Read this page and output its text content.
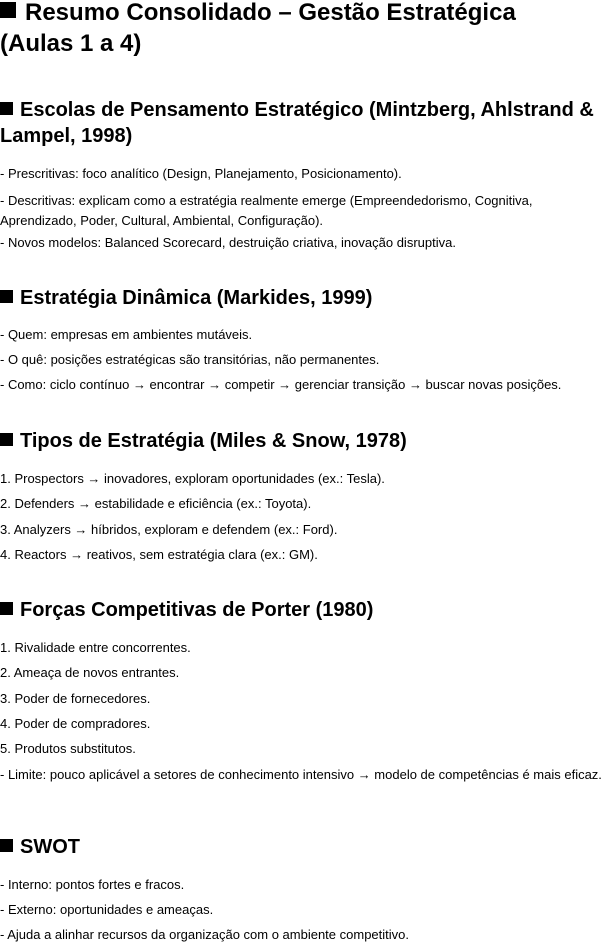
Resumo Consolidado – Gestão Estratégica
(Aulas 1 a 4)
Escolas de Pensamento Estratégico (Mintzberg, Ahlstrand & Lampel, 1998)

- Prescritivas: foco analítico (Design, Planejamento, Posicionamento).

- Descritivas: explicam como a estratégia realmente emerge (Empreendedorismo, Cognitiva, Aprendizado, Poder, Cultural, Ambiental, Configuração).

- Novos modelos: Balanced Scorecard, destruição criativa, inovação disruptiva.

Estratégia Dinâmica (Markides, 1999)

- Quem: empresas em ambientes mutáveis.

- O quê: posições estratégicas são transitórias, não permanentes.

- Como: ciclo contínuo → encontrar → competir → gerenciar transição → buscar novas posições.

Tipos de Estratégia (Miles & Snow, 1978)

1. Prospectors → inovadores, exploram oportunidades (ex.: Tesla).

2. Defenders → estabilidade e eficiência (ex.: Toyota).

3. Analyzers → híbridos, exploram e defendem (ex.: Ford).

4. Reactors → reativos, sem estratégia clara (ex.: GM).

Forças Competitivas de Porter (1980)

1. Rivalidade entre concorrentes.

2. Ameaça de novos entrantes.

3. Poder de fornecedores.

4. Poder de compradores.

5. Produtos substitutos.

- Limite: pouco aplicável a setores de conhecimento intensivo → modelo de competências é mais eficaz.

SWOT

- Interno: pontos fortes e fracos.

- Externo: oportunidades e ameaças.

- Ajuda a alinhar recursos da organização com o ambiente competitivo.
